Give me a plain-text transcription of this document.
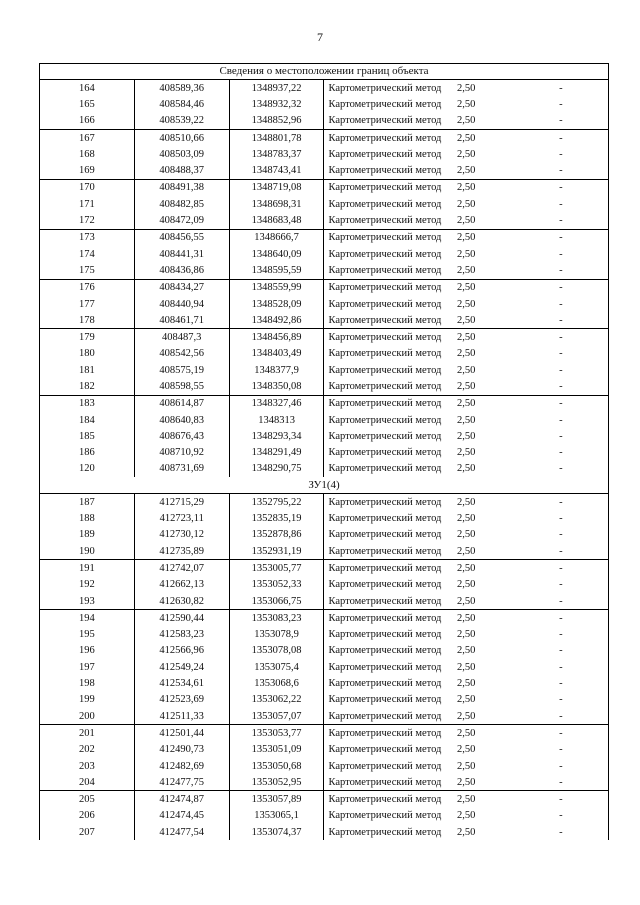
7
Сведения о местоположении границ объекта					
164	408589,36	1348937,22	Картометрический метод	2,50	-
165	408584,46	1348932,32	Картометрический метод	2,50	-
166	408539,22	1348852,96	Картометрический метод	2,50	-
167	408510,66	1348801,78	Картометрический метод	2,50	-
168	408503,09	1348783,37	Картометрический метод	2,50	-
169	408488,37	1348743,41	Картометрический метод	2,50	-
170	408491,38	1348719,08	Картометрический метод	2,50	-
171	408482,85	1348698,31	Картометрический метод	2,50	-
172	408472,09	1348683,48	Картометрический метод	2,50	-
173	408456,55	1348666,7	Картометрический метод	2,50	-
174	408441,31	1348640,09	Картометрический метод	2,50	-
175	408436,86	1348595,59	Картометрический метод	2,50	-
176	408434,27	1348559,99	Картометрический метод	2,50	-
177	408440,94	1348528,09	Картометрический метод	2,50	-
178	408461,71	1348492,86	Картометрический метод	2,50	-
179	408487,3	1348456,89	Картометрический метод	2,50	-
180	408542,56	1348403,49	Картометрический метод	2,50	-
181	408575,19	1348377,9	Картометрический метод	2,50	-
182	408598,55	1348350,08	Картометрический метод	2,50	-
183	408614,87	1348327,46	Картометрический метод	2,50	-
184	408640,83	1348313	Картометрический метод	2,50	-
185	408676,43	1348293,34	Картометрический метод	2,50	-
186	408710,92	1348291,49	Картометрический метод	2,50	-
120	408731,69	1348290,75	Картометрический метод	2,50	-
ЗУ1(4)					
187	412715,29	1352795,22	Картометрический метод	2,50	-
188	412723,11	1352835,19	Картометрический метод	2,50	-
189	412730,12	1352878,86	Картометрический метод	2,50	-
190	412735,89	1352931,19	Картометрический метод	2,50	-
191	412742,07	1353005,77	Картометрический метод	2,50	-
192	412662,13	1353052,33	Картометрический метод	2,50	-
193	412630,82	1353066,75	Картометрический метод	2,50	-
194	412590,44	1353083,23	Картометрический метод	2,50	-
195	412583,23	1353078,9	Картометрический метод	2,50	-
196	412566,96	1353078,08	Картометрический метод	2,50	-
197	412549,24	1353075,4	Картометрический метод	2,50	-
198	412534,61	1353068,6	Картометрический метод	2,50	-
199	412523,69	1353062,22	Картометрический метод	2,50	-
200	412511,33	1353057,07	Картометрический метод	2,50	-
201	412501,44	1353053,77	Картометрический метод	2,50	-
202	412490,73	1353051,09	Картометрический метод	2,50	-
203	412482,69	1353050,68	Картометрический метод	2,50	-
204	412477,75	1353052,95	Картометрический метод	2,50	-
205	412474,87	1353057,89	Картометрический метод	2,50	-
206	412474,45	1353065,1	Картометрический метод	2,50	-
207	412477,54	1353074,37	Картометрический метод	2,50	-
